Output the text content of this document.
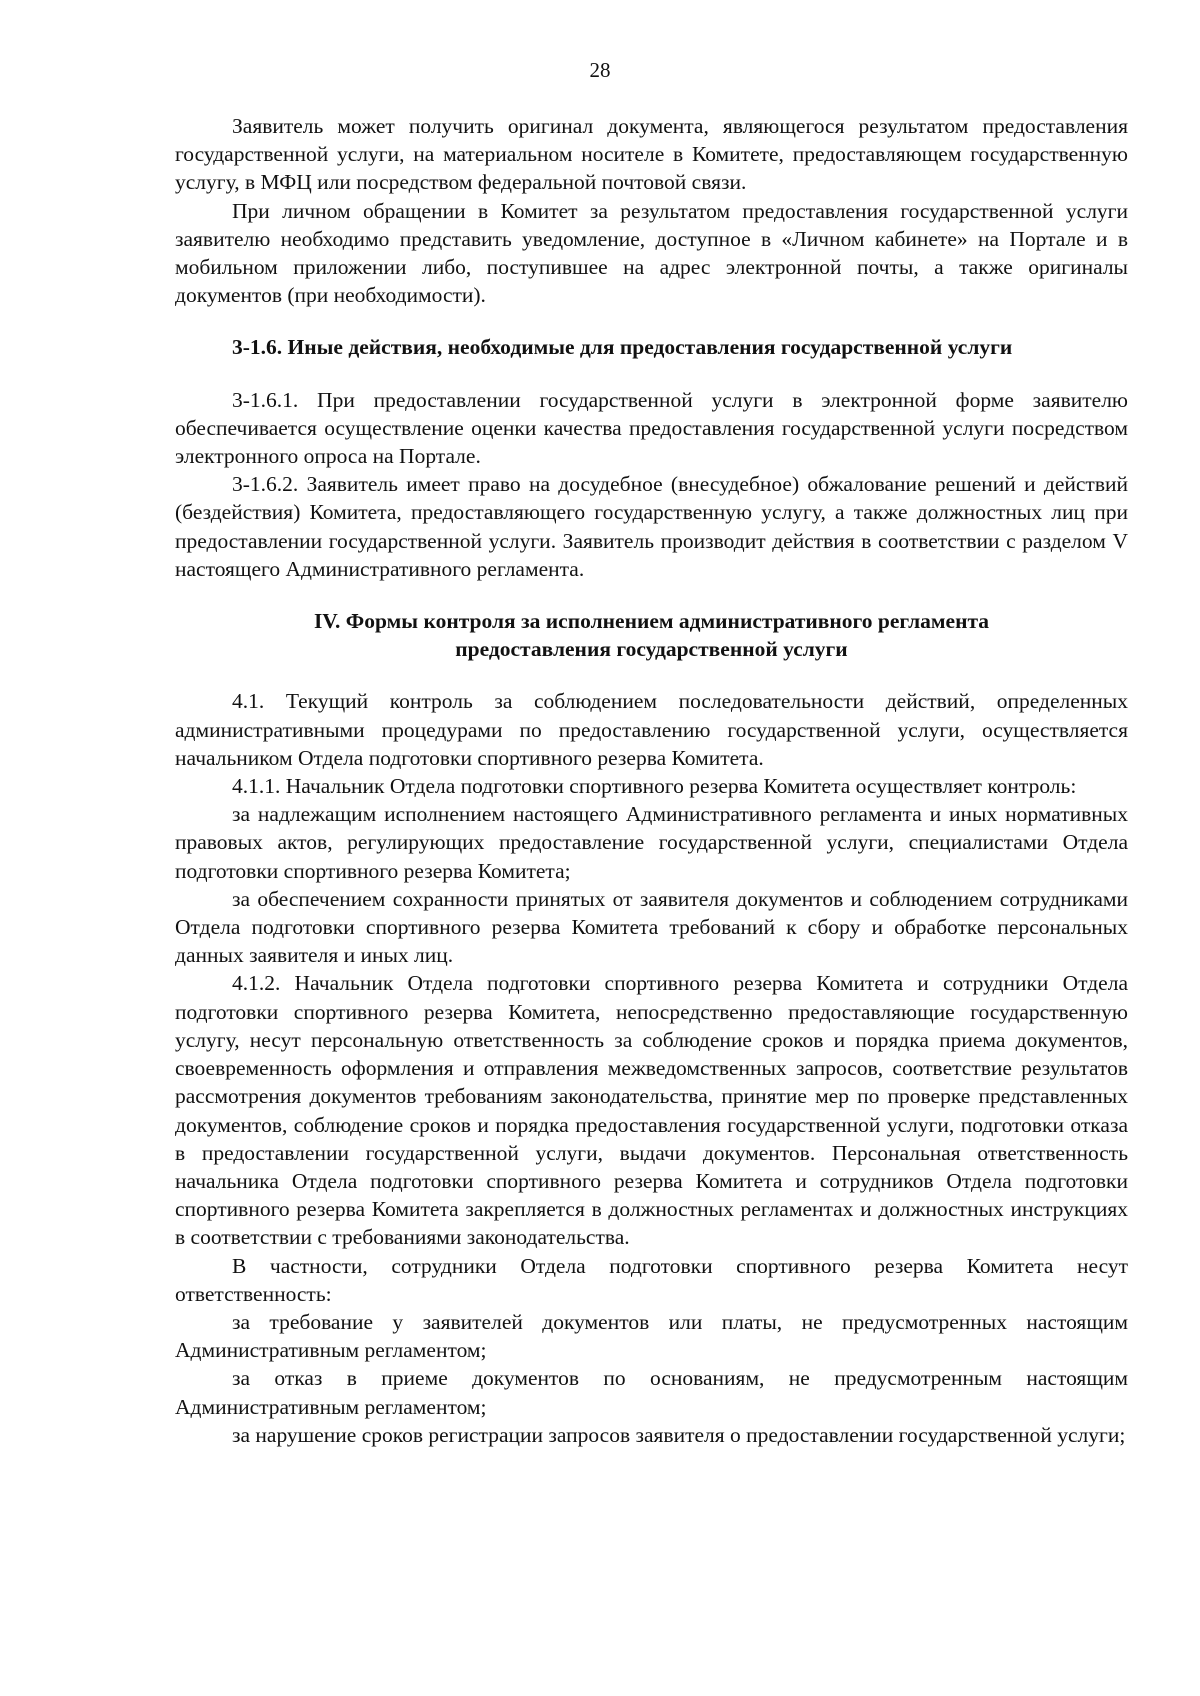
28

Заявитель может получить оригинал документа, являющегося результатом предоставления государственной услуги, на материальном носителе в Комитете, предоставляющем государственную услугу, в МФЦ или посредством федеральной почтовой связи.

При личном обращении в Комитет за результатом предоставления государственной услуги заявителю необходимо представить уведомление, доступное в «Личном кабинете» на Портале и в мобильном приложении либо, поступившее на адрес электронной почты, а также оригиналы документов (при необходимости).

3-1.6. Иные действия, необходимые для предоставления государственной услуги

3-1.6.1. При предоставлении государственной услуги в электронной форме заявителю обеспечивается осуществление оценки качества предоставления государственной услуги посредством электронного опроса на Портале.

3-1.6.2. Заявитель имеет право на досудебное (внесудебное) обжалование решений и действий (бездействия) Комитета, предоставляющего государственную услугу, а также должностных лиц при предоставлении государственной услуги. Заявитель производит действия в соответствии с разделом V настоящего Административного регламента.

IV. Формы контроля за исполнением административного регламента

предоставления государственной услуги

4.1. Текущий контроль за соблюдением последовательности действий, определенных административными процедурами по предоставлению государственной услуги, осуществляется начальником Отдела подготовки спортивного резерва Комитета.

4.1.1. Начальник Отдела подготовки спортивного резерва Комитета осуществляет контроль:

за надлежащим исполнением настоящего Административного регламента и иных нормативных правовых актов, регулирующих предоставление государственной услуги, специалистами Отдела подготовки спортивного резерва Комитета;

за обеспечением сохранности принятых от заявителя документов и соблюдением сотрудниками Отдела подготовки спортивного резерва Комитета требований к сбору и обработке персональных данных заявителя и иных лиц.

4.1.2. Начальник Отдела подготовки спортивного резерва Комитета и сотрудники Отдела подготовки спортивного резерва Комитета, непосредственно предоставляющие государственную услугу, несут персональную ответственность за соблюдение сроков и порядка приема документов, своевременность оформления и отправления межведомственных запросов, соответствие результатов рассмотрения документов требованиям законодательства, принятие мер по проверке представленных документов, соблюдение сроков и порядка предоставления государственной услуги, подготовки отказа в предоставлении государственной услуги, выдачи документов. Персональная ответственность начальника Отдела подготовки спортивного резерва Комитета и сотрудников Отдела подготовки спортивного резерва Комитета закрепляется в должностных регламентах и должностных инструкциях в соответствии с требованиями законодательства.

В частности, сотрудники Отдела подготовки спортивного резерва Комитета несут ответственность:

за требование у заявителей документов или платы, не предусмотренных настоящим Административным регламентом;

за отказ в приеме документов по основаниям, не предусмотренным настоящим Административным регламентом;

за нарушение сроков регистрации запросов заявителя о предоставлении государственной услуги;
